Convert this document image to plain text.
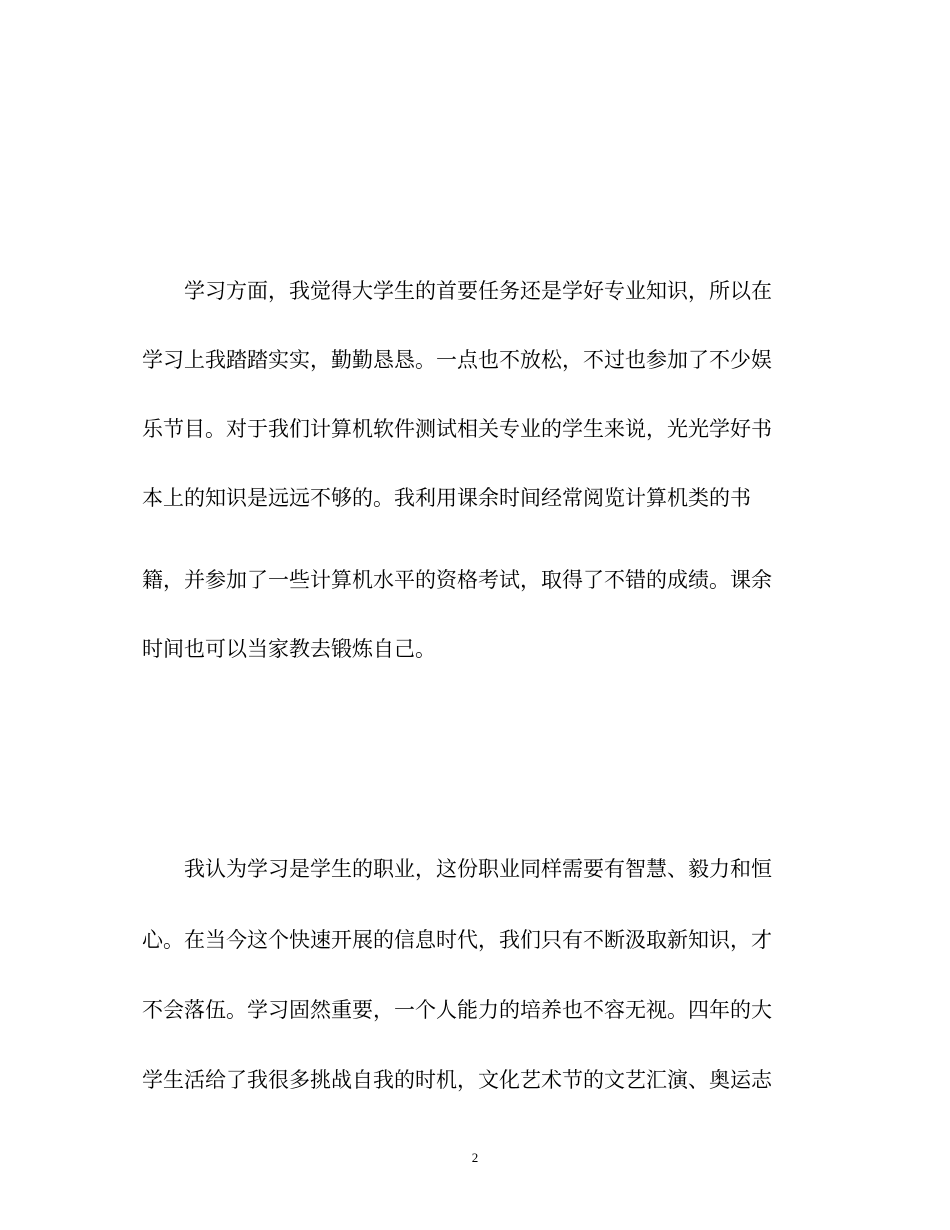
学习方面，我觉得大学生的首要任务还是学好专业知识，所以在
学习上我踏踏实实，勤勤恳恳。一点也不放松，不过也参加了不少娱
乐节目。对于我们计算机软件测试相关专业的学生来说，光光学好书
本上的知识是远远不够的。我利用课余时间经常阅览计算机类的书
籍，并参加了一些计算机水平的资格考试，取得了不错的成绩。课余
时间也可以当家教去锻炼自己。
我认为学习是学生的职业，这份职业同样需要有智慧、毅力和恒
心。在当今这个快速开展的信息时代，我们只有不断汲取新知识，才
不会落伍。学习固然重要，一个人能力的培养也不容无视。四年的大
学生活给了我很多挑战自我的时机，文化艺术节的文艺汇演、奥运志
2
